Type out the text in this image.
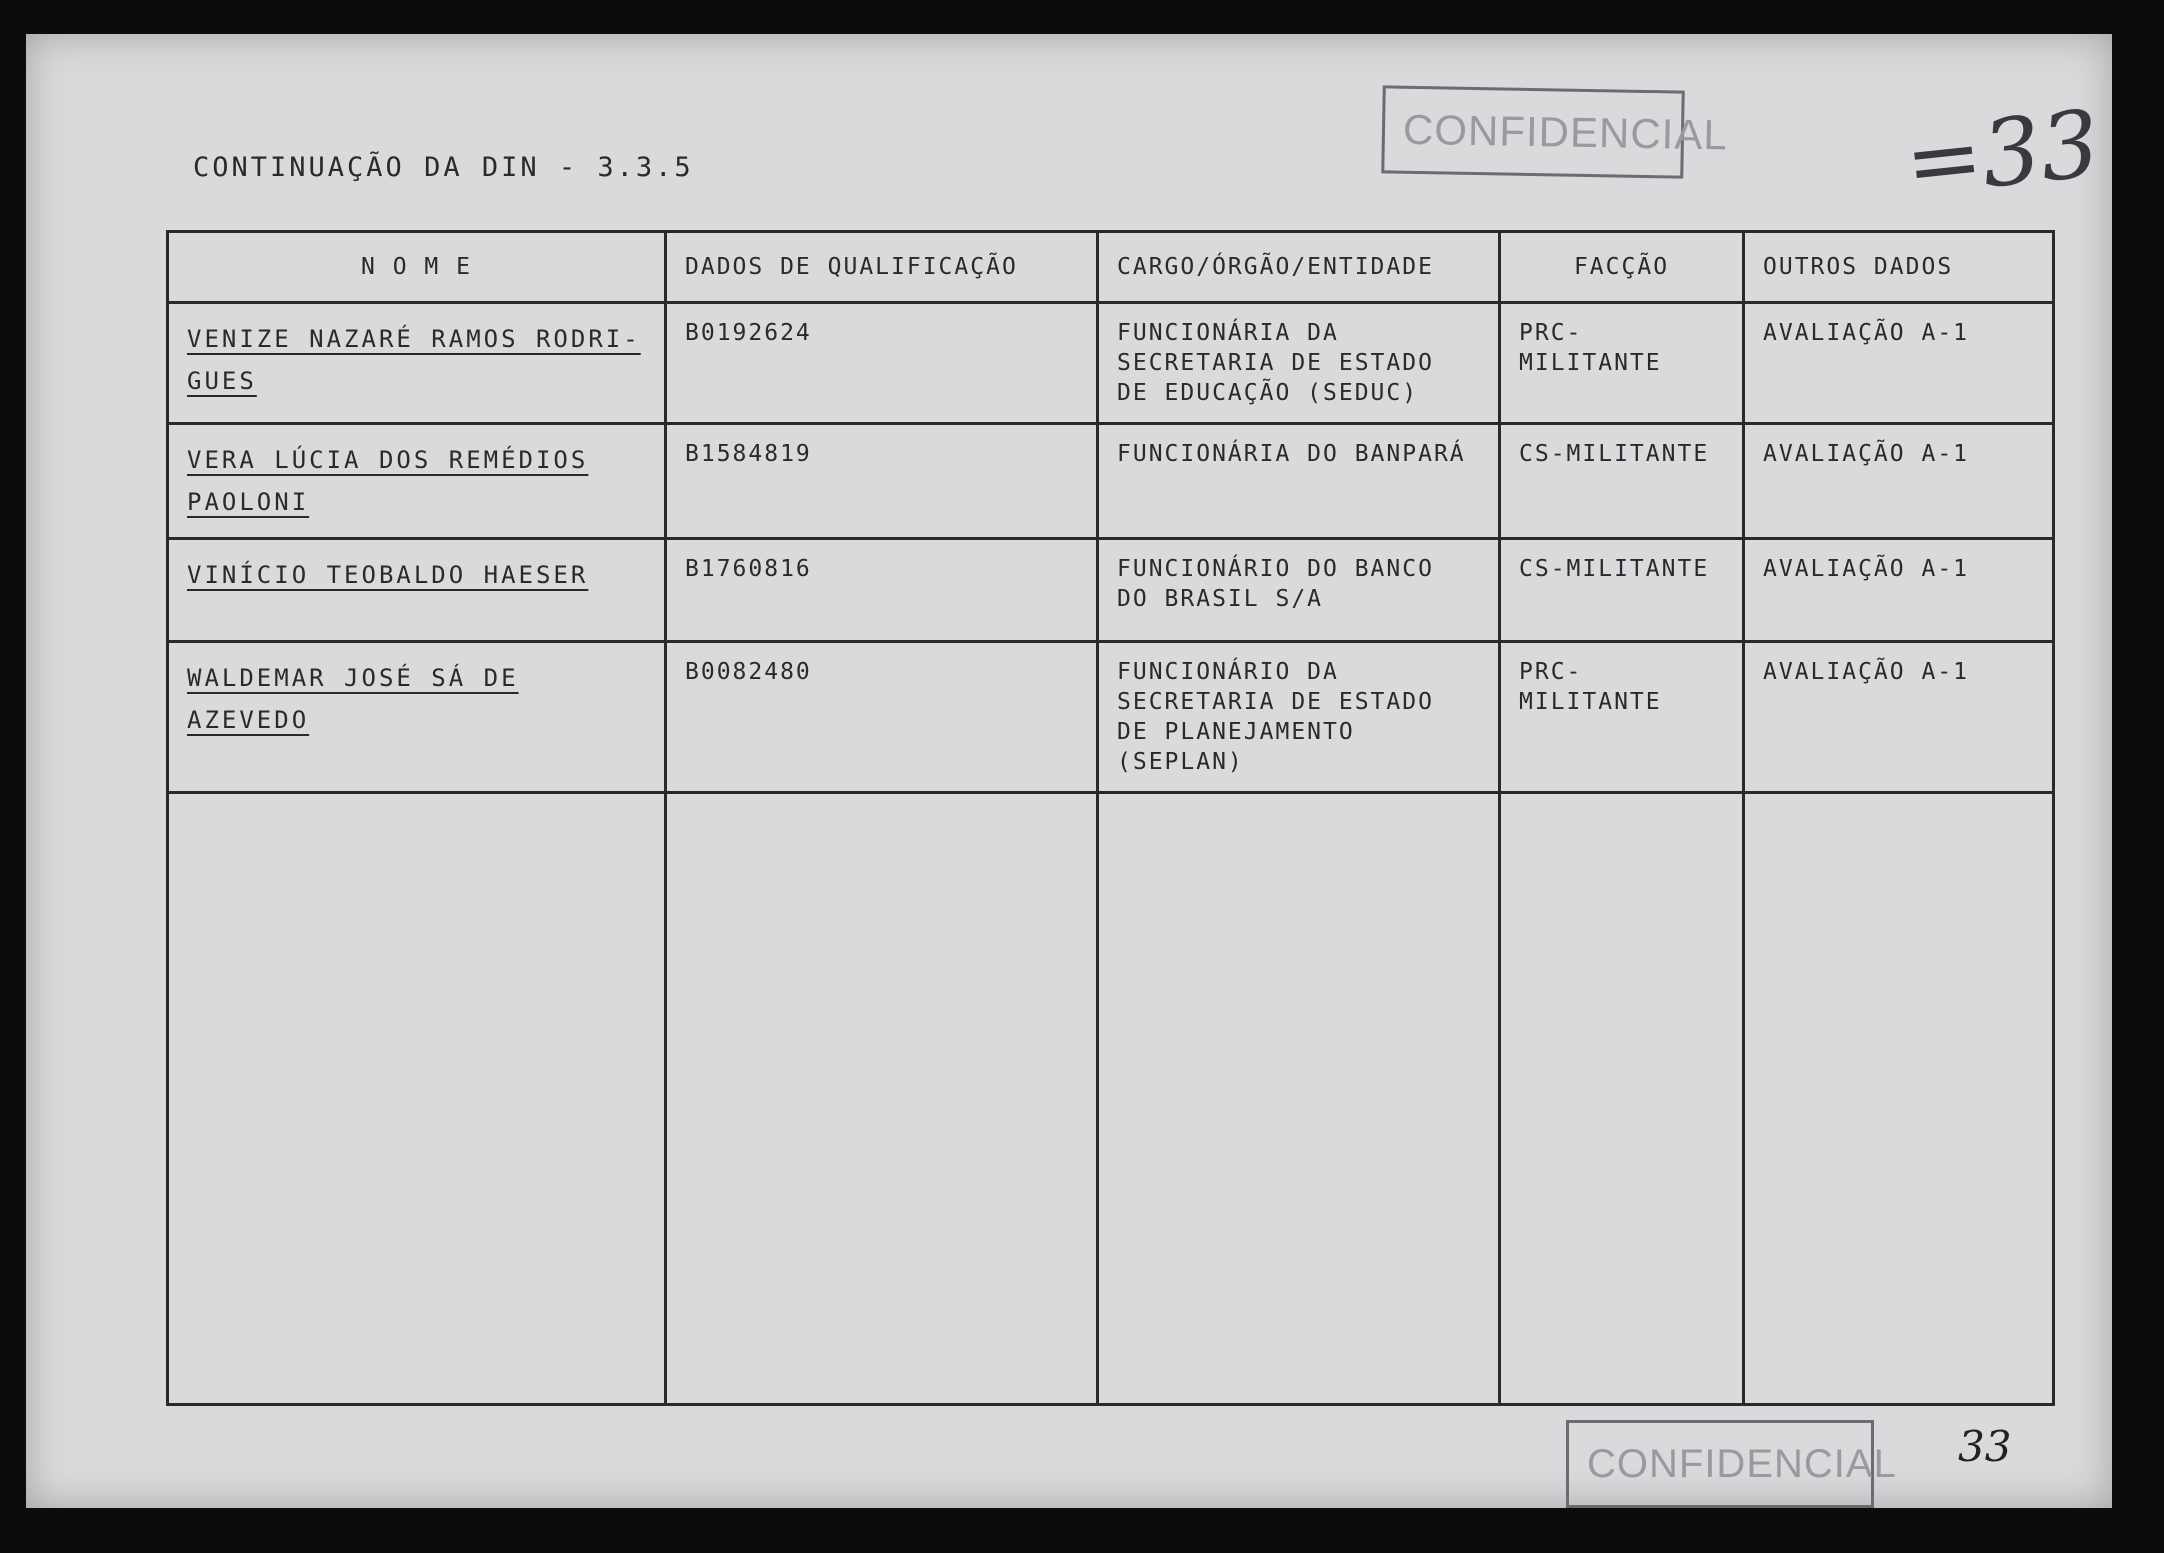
CONTINUAÇÃO DA DIN - 3.3.5
CONFIDENCIAL =33
N O M E	DADOS DE QUALIFICAÇÃO	CARGO/ÓRGÃO/ENTIDADE	FACÇÃO	OUTROS DADOS
VENIZE NAZARÉ RAMOS RODRI-GUES	B0192624	FUNCIONÁRIA DA SECRETARIA DE ESTADO DE EDUCAÇÃO (SEDUC)	PRC-MILITANTE	AVALIAÇÃO A-1
VERA LÚCIA DOS REMÉDIOS PAOLONI	B1584819	FUNCIONÁRIA DO BANPARÁ	CS-MILITANTE	AVALIAÇÃO A-1
VINÍCIO TEOBALDO HAESER	B1760816	FUNCIONÁRIO DO BANCO DO BRASIL S/A	CS-MILITANTE	AVALIAÇÃO A-1
WALDEMAR JOSÉ SÁ DE AZEVEDO	B0082480	FUNCIONÁRIO DA SECRETARIA DE ESTADO DE PLANEJAMENTO (SEPLAN)	PRC-MILITANTE	AVALIAÇÃO A-1

CONFIDENCIAL 33
